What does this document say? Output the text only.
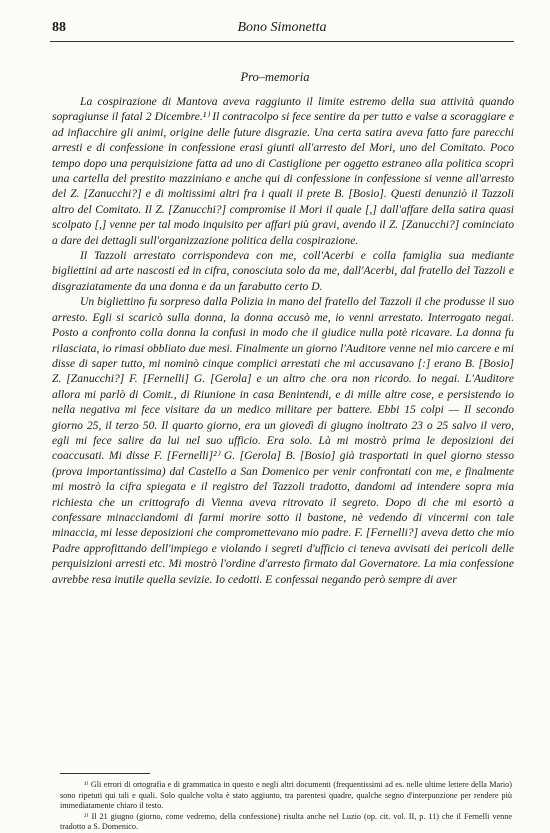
88	Bono Simonetta
Pro–memoria

La cospirazione di Mantova aveva raggiunto il limite estremo della sua attività quando sopragiunse il fatal 2 Dicembre.¹⁾ Il contracolpo si fece sentire da per tutto e valse a scoraggiare e ad infiacchire gli animi, origine delle future disgrazie. Una certa satira aveva fatto fare parecchi arresti e di confessione in confessione erasi giunti all'arresto del Mori, uno del Comitato. Poco tempo dopo una perquisizione fatta ad uno di Castiglione per oggetto estraneo alla politica scoprì una cartella del prestito mazziniano e anche qui di confessione in confessione si venne all'arresto del Z. [Zanucchi?] e di moltissimi altri fra i quali il prete B. [Bosio]. Questi denunziò il Tazzoli altro del Comitato. Il Z. [Zanucchi?] compromise il Mori il quale [,] dall'affare della satira quasi scolpato [,] venne per tal modo inquisito per affari più gravi, avendo il Z. [Zanucchi?] cominciato a dare dei dettagli sull'organizzazione politica della cospirazione.

Il Tazzoli arrestato corrispondeva con me, coll'Acerbi e colla famiglia sua mediante bigliettini ad arte nascosti ed in cifra, conosciuta solo da me, dall'Acerbi, dal fratello del Tazzoli e disgraziatamente da una donna e da un farabutto certo D.

Un bigliettino fu sorpreso dalla Polizia in mano del fratello del Tazzoli il che produsse il suo arresto. Egli si scaricò sulla donna, la donna accusò me, io venni arrestato. Interrogato negai. Posto a confronto colla donna la confusi in modo che il giudice nulla potè ricavare. La donna fu rilasciata, io rimasi obbliato due mesi. Finalmente un giorno l'Auditore venne nel mio carcere e mi disse di saper tutto, mi nominò cinque complici arrestati che mi accusavano [:] erano B. [Bosio] Z. [Zanucchi?] F. [Fernelli] G. [Gerola] e un altro che ora non ricordo. Io negai. L'Auditore allora mi parlò di Comit., di Riunione in casa Benintendi, e di mille altre cose, e persistendo io nella negativa mi fece visitare da un medico militare per battere. Ebbi 15 colpi — Il secondo giorno 25, il terzo 50. Il quarto giorno, era un giovedì di giugno inoltrato 23 o 25 salvo il vero, egli mi fece salire da lui nel suo ufficio. Era solo. Là mi mostrò prima le deposizioni dei coaccusati. Mi disse F. [Fernelli]²⁾ G. [Gerola] B. [Bosio] già trasportati in quel giorno stesso (prova importantissima) dal Castello a San Domenico per venir confrontati con me, e finalmente mi mostrò la cifra spiegata e il registro del Tazzoli tradotto, dandomi ad intendere sopra mia richiesta che un crittografo di Vienna aveva ritrovato il segreto. Dopo di che mi esortò a confessare minacciandomi di farmi morire sotto il bastone, nè vedendo di vincermi con tale minaccia, mi lesse deposizioni che compromettevano mio padre. F. [Fernelli?] aveva detto che mio Padre approfittando dell'impiego e violando i segreti d'ufficio ci teneva avvisati dei pericoli delle perquisizioni arresti etc. Mi mostrò l'ordine d'arresto firmato dal Governatore. La mia confessione avrebbe resa inutile quella sevizie. Io cedotti. E confessai negando però sempre di aver

¹⁾ Gli errori di ortografia e di grammatica in questo e negli altri documenti (frequentissimi ad es. nelle ultime lettere della Mario) sono ripetuti qui tali e quali. Solo qualche volta è stato aggiunto, tra parentesi quadre, qualche segno d'interpunzione per rendere più immediatamente chiaro il testo.

²⁾ Il 21 giugno (giorno, come vedremo, della confessione) risulta anche nel Luzio (op. cit. vol. II, p. 11) che il Fernelli venne tradotto a S. Domenico.
